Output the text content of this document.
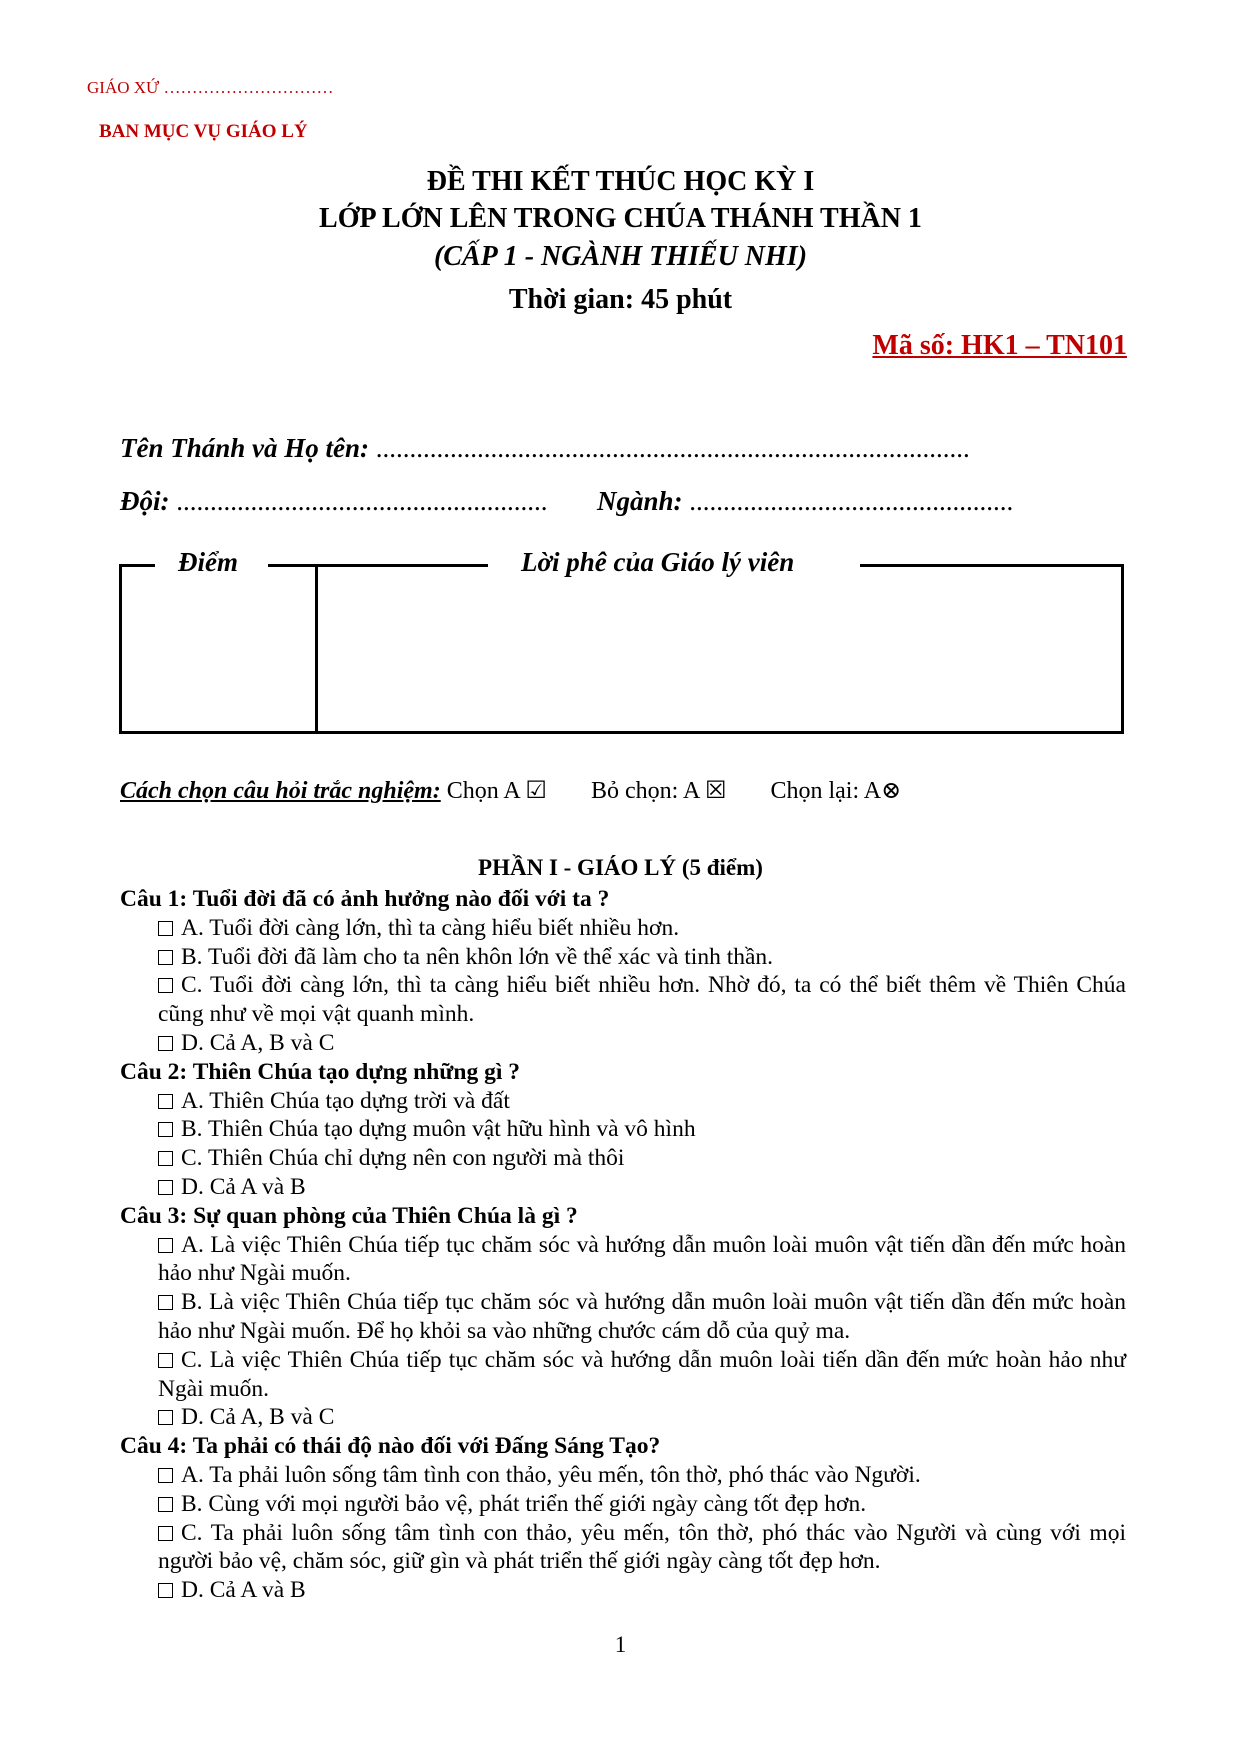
GIÁO XỨ …………………………
BAN MỤC VỤ GIÁO LÝ
ĐỀ THI KẾT THÚC HỌC KỲ I
LỚP LỚN LÊN TRONG CHÚA THÁNH THẦN 1
(CẤP 1 - NGÀNH THIẾU NHI)
Thời gian: 45 phút
Mã số: HK1 – TN101
Tên Thánh và Họ tên: ........................................................................................
Đội: ....................................................... Ngành: ................................................
Điểm	Lời phê của Giáo lý viên
Cách chọn câu hỏi trắc nghiệm: Chọn A ☑ Bỏ chọn: A ☒ Chọn lại: A⊗
PHẦN I - GIÁO LÝ (5 điểm)
Câu 1: Tuổi đời đã có ảnh hưởng nào đối với ta ?
A. Tuổi đời càng lớn, thì ta càng hiểu biết nhiều hơn.
B. Tuổi đời đã làm cho ta nên khôn lớn về thể xác và tinh thần.
C. Tuổi đời càng lớn, thì ta càng hiểu biết nhiều hơn. Nhờ đó, ta có thể biết thêm về Thiên Chúa cũng như về mọi vật quanh mình.
D. Cả A, B và C
Câu 2: Thiên Chúa tạo dựng những gì ?
A. Thiên Chúa tạo dựng trời và đất
B. Thiên Chúa tạo dựng muôn vật hữu hình và vô hình
C. Thiên Chúa chỉ dựng nên con người mà thôi
D. Cả A và B
Câu 3: Sự quan phòng của Thiên Chúa là gì ?
A. Là việc Thiên Chúa tiếp tục chăm sóc và hướng dẫn muôn loài muôn vật tiến dần đến mức hoàn hảo như Ngài muốn.
B. Là việc Thiên Chúa tiếp tục chăm sóc và hướng dẫn muôn loài muôn vật tiến dần đến mức hoàn hảo như Ngài muốn. Để họ khỏi sa vào những chước cám dỗ của quỷ ma.
C. Là việc Thiên Chúa tiếp tục chăm sóc và hướng dẫn muôn loài tiến dần đến mức hoàn hảo như Ngài muốn.
D. Cả A, B và C
Câu 4: Ta phải có thái độ nào đối với Đấng Sáng Tạo?
A. Ta phải luôn sống tâm tình con thảo, yêu mến, tôn thờ, phó thác vào Người.
B. Cùng với mọi người bảo vệ, phát triển thế giới ngày càng tốt đẹp hơn.
C. Ta phải luôn sống tâm tình con thảo, yêu mến, tôn thờ, phó thác vào Người và cùng với mọi người bảo vệ, chăm sóc, giữ gìn và phát triển thế giới ngày càng tốt đẹp hơn.
D. Cả A và B
1
